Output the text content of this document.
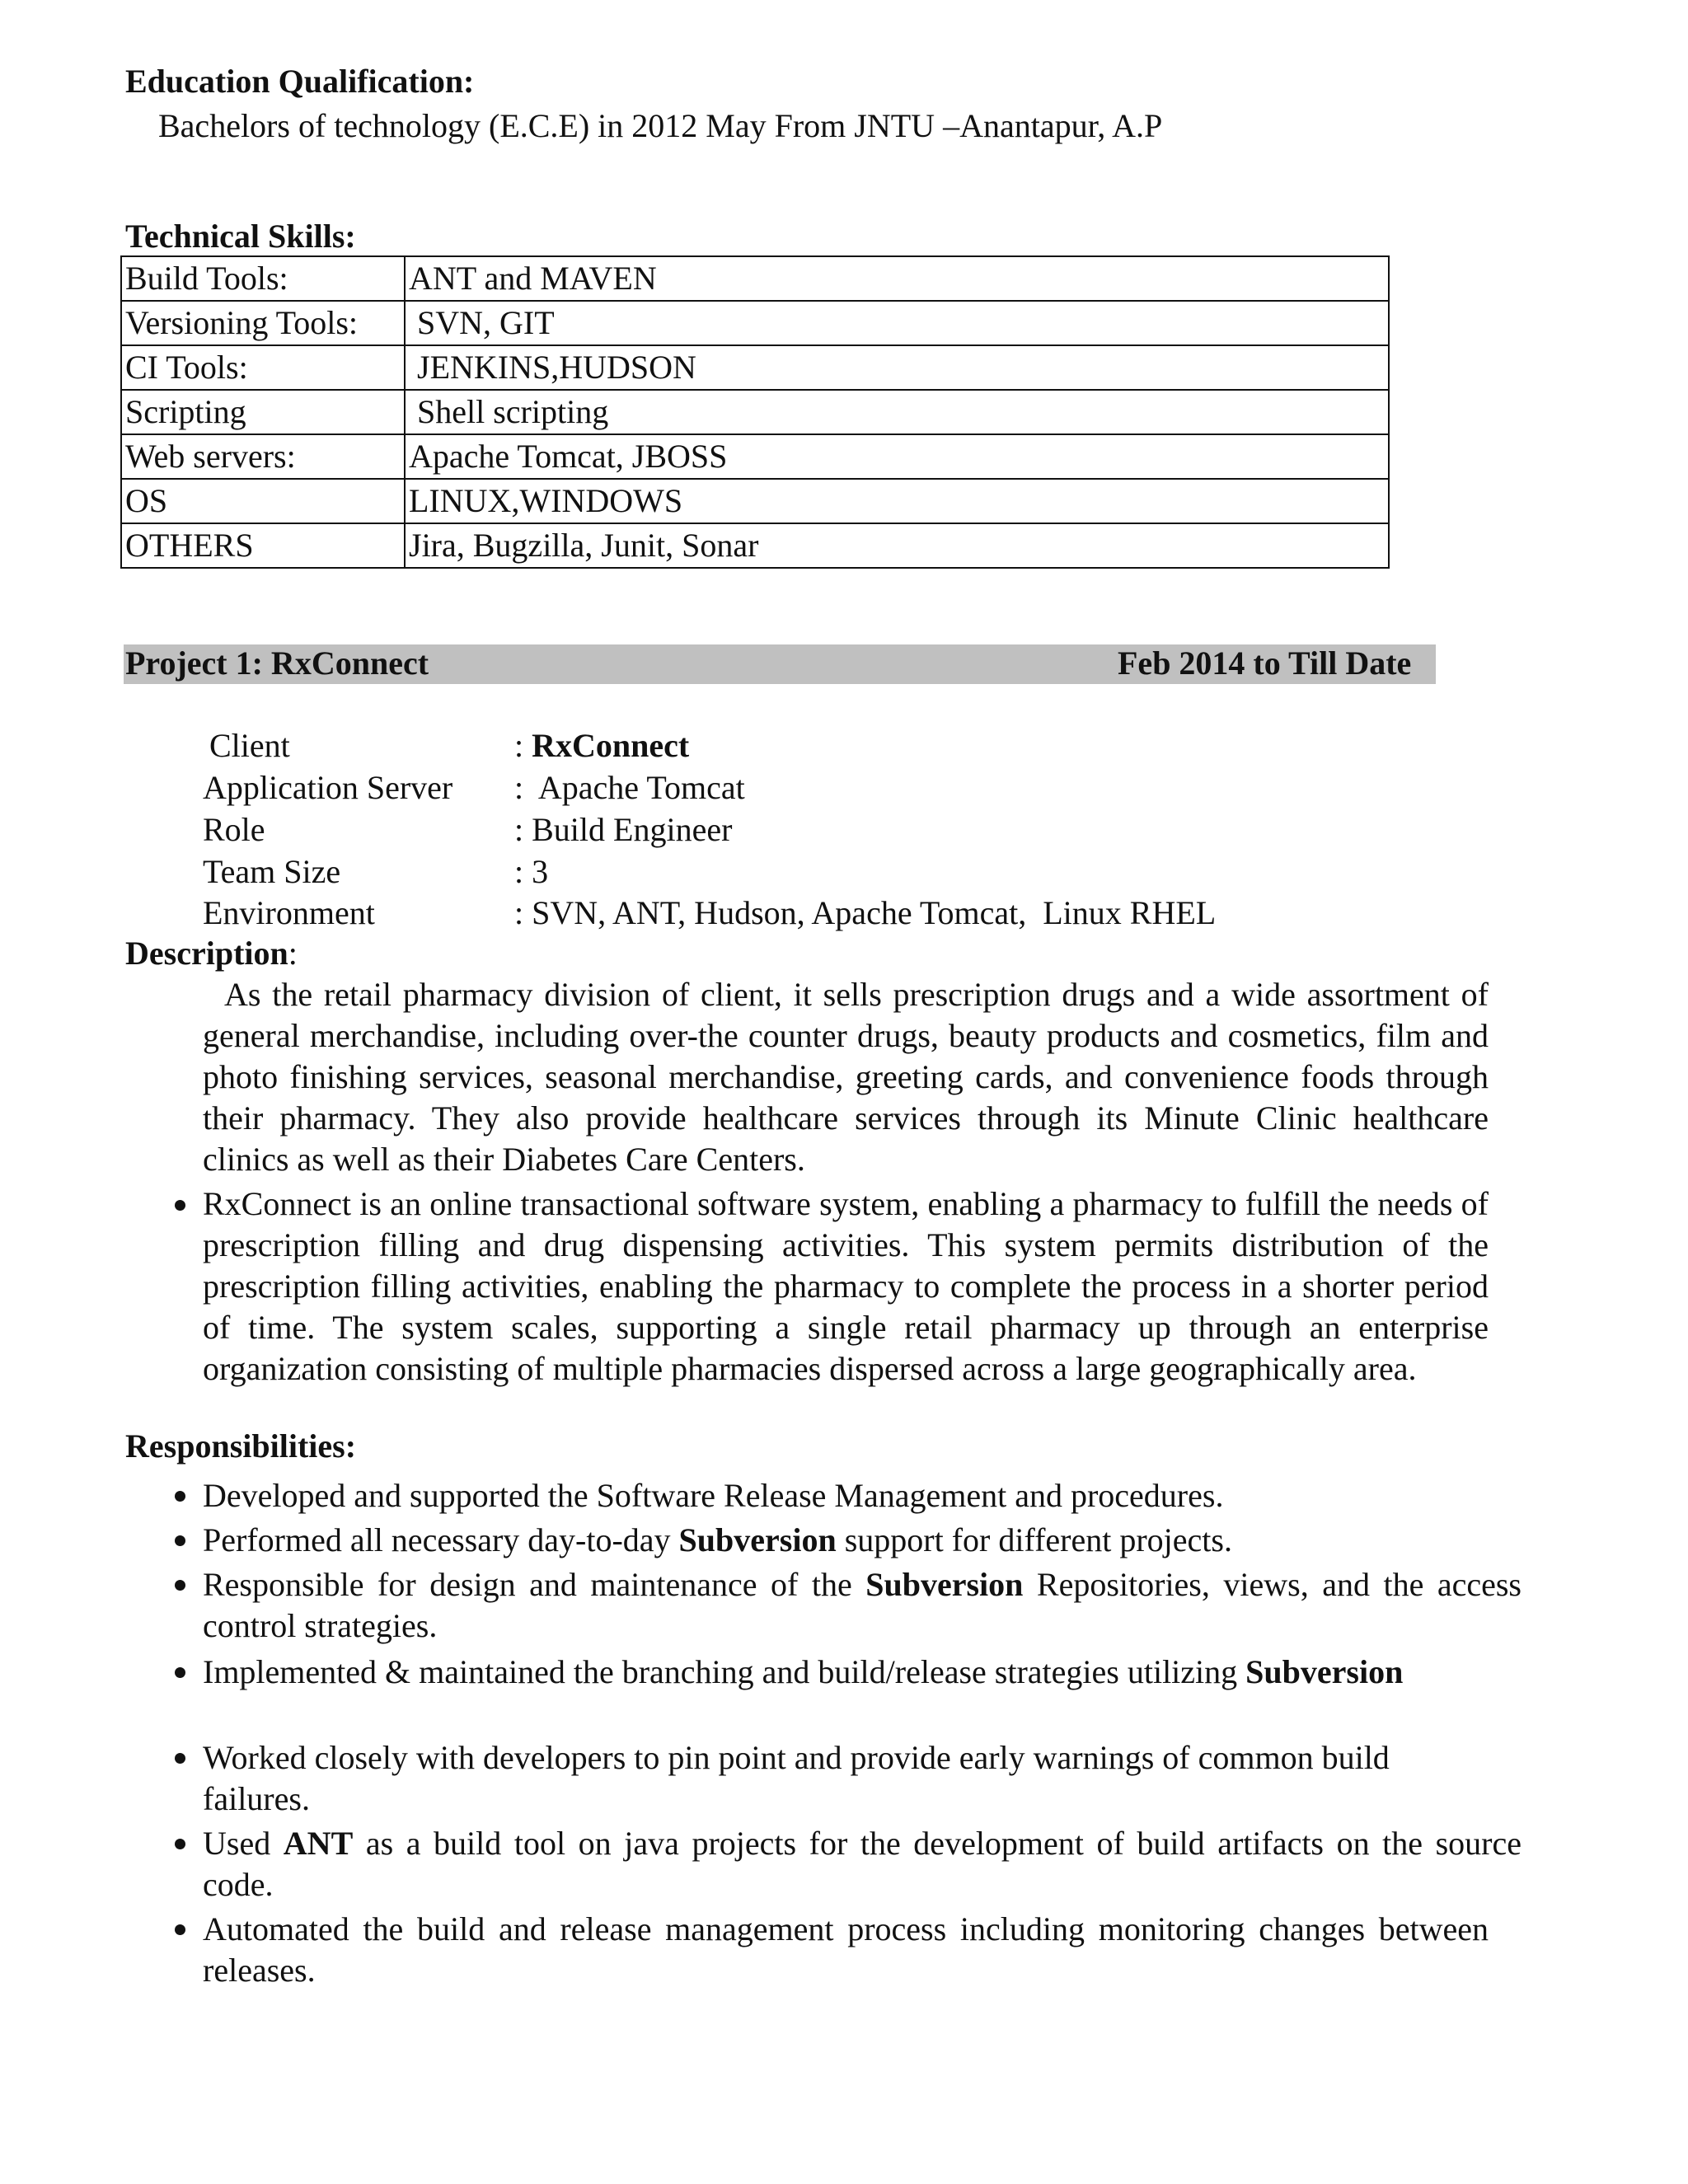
Education Qualification:
Bachelors of technology (E.C.E) in 2012 May From JNTU –Anantapur, A.P
Technical Skills:
Build Tools:	ANT and MAVEN
Versioning Tools:	SVN, GIT
CI Tools:	JENKINS,HUDSON
Scripting	Shell scripting
Web servers:	Apache Tomcat, JBOSS
OS	LINUX,WINDOWS
OTHERS	Jira, Bugzilla, Junit, Sonar
Project 1: RxConnect	Feb 2014 to Till Date
Client	: RxConnect
Application Server :  Apache Tomcat
Role	: Build Engineer
Team Size	: 3
Environment	: SVN, ANT, Hudson, Apache Tomcat,  Linux RHEL
Description:
As the retail pharmacy division of client, it sells prescription drugs and a wide assortment of general merchandise, including over-the counter drugs, beauty products and cosmetics, film and photo finishing services, seasonal merchandise, greeting cards, and convenience foods through their pharmacy. They also provide healthcare services through its Minute Clinic healthcare clinics as well as their Diabetes Care Centers.
RxConnect is an online transactional software system, enabling a pharmacy to fulfill the needs of prescription filling and drug dispensing activities. This system permits distribution of the prescription filling activities, enabling the pharmacy to complete the process in a shorter period of time. The system scales, supporting a single retail pharmacy up through an enterprise organization consisting of multiple pharmacies dispersed across a large geographically area.
Responsibilities:
Developed and supported the Software Release Management and procedures.
Performed all necessary day-to-day Subversion support for different projects.
Responsible for design and maintenance of the Subversion Repositories, views, and the access control strategies.
Implemented & maintained the branching and build/release strategies utilizing Subversion
Worked closely with developers to pin point and provide early warnings of common build failures.
Used ANT as a build tool on java projects for the development of build artifacts on the source code.
Automated the build and release management process including monitoring changes between releases.
